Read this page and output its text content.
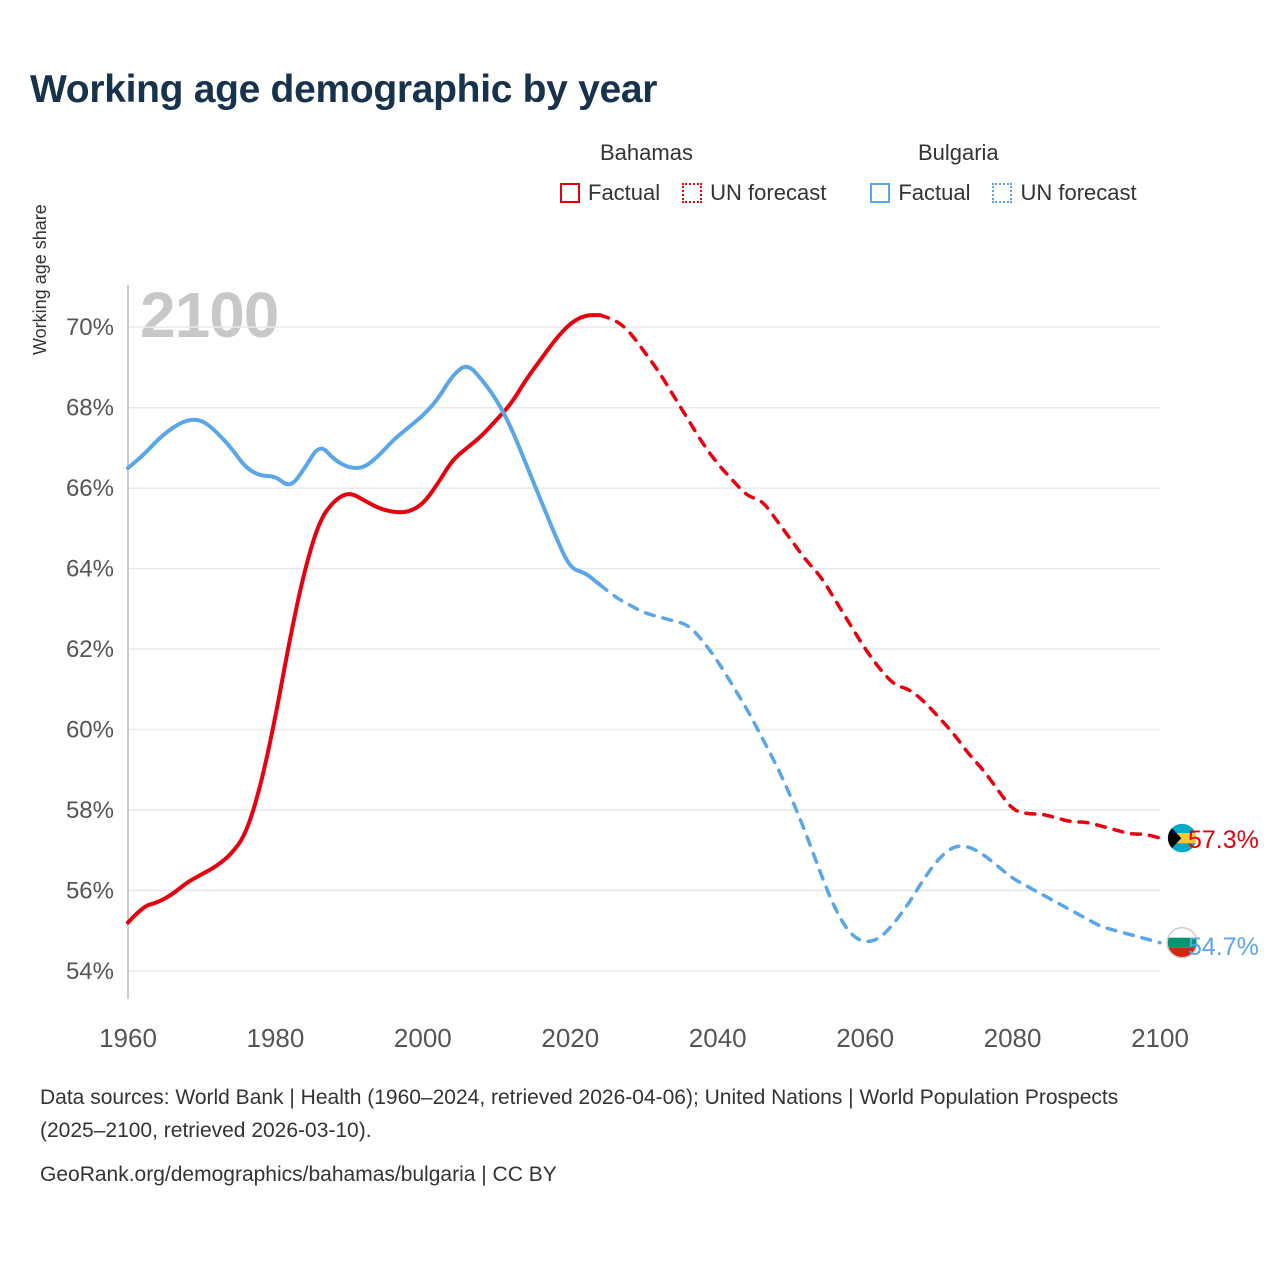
Working age demographic by year
Bahamas	Bulgaria
Factual UN forecast	Factual UN forecast
Working age share 2100
54%
56%
58%
60%
62%
64%
66%
68%
70%
1960	1980	2000	2020	2040	2060	2080	2100
57.3%
54.7%
Data sources: World Bank | Health (1960–2024, retrieved 2026-04-06); United Nations | World Population Prospects (2025–2100, retrieved 2026-03-10).
GeoRank.org/demographics/bahamas/bulgaria | CC BY
